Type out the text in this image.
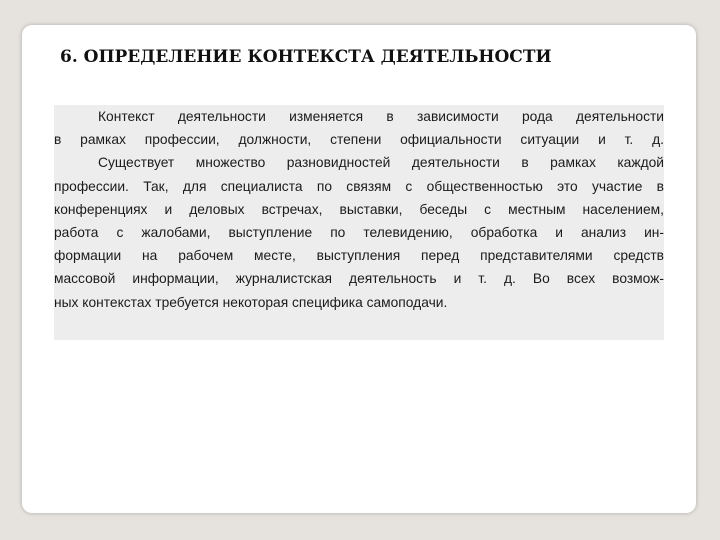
6. ОПРЕДЕЛЕНИЕ КОНТЕКСТА ДЕЯТЕЛЬНОСТИ
Контекст деятельности изменяется в зависимости рода деятельности
в рамках профессии, должности, степени официальности ситуации и т. д.
Существует множество разновидностей деятельности в рамках каждой
профессии. Так, для специалиста по связям с общественностью это участие в
конференциях и деловых встречах, выставки, беседы с местным населением,
работа с жалобами, выступление по телевидению, обработка и анализ ин-
формации на рабочем месте, выступления перед представителями средств
массовой информации, журналистская деятельность и т. д. Во всех возмож-
ных контекстах требуется некоторая специфика самоподачи.
